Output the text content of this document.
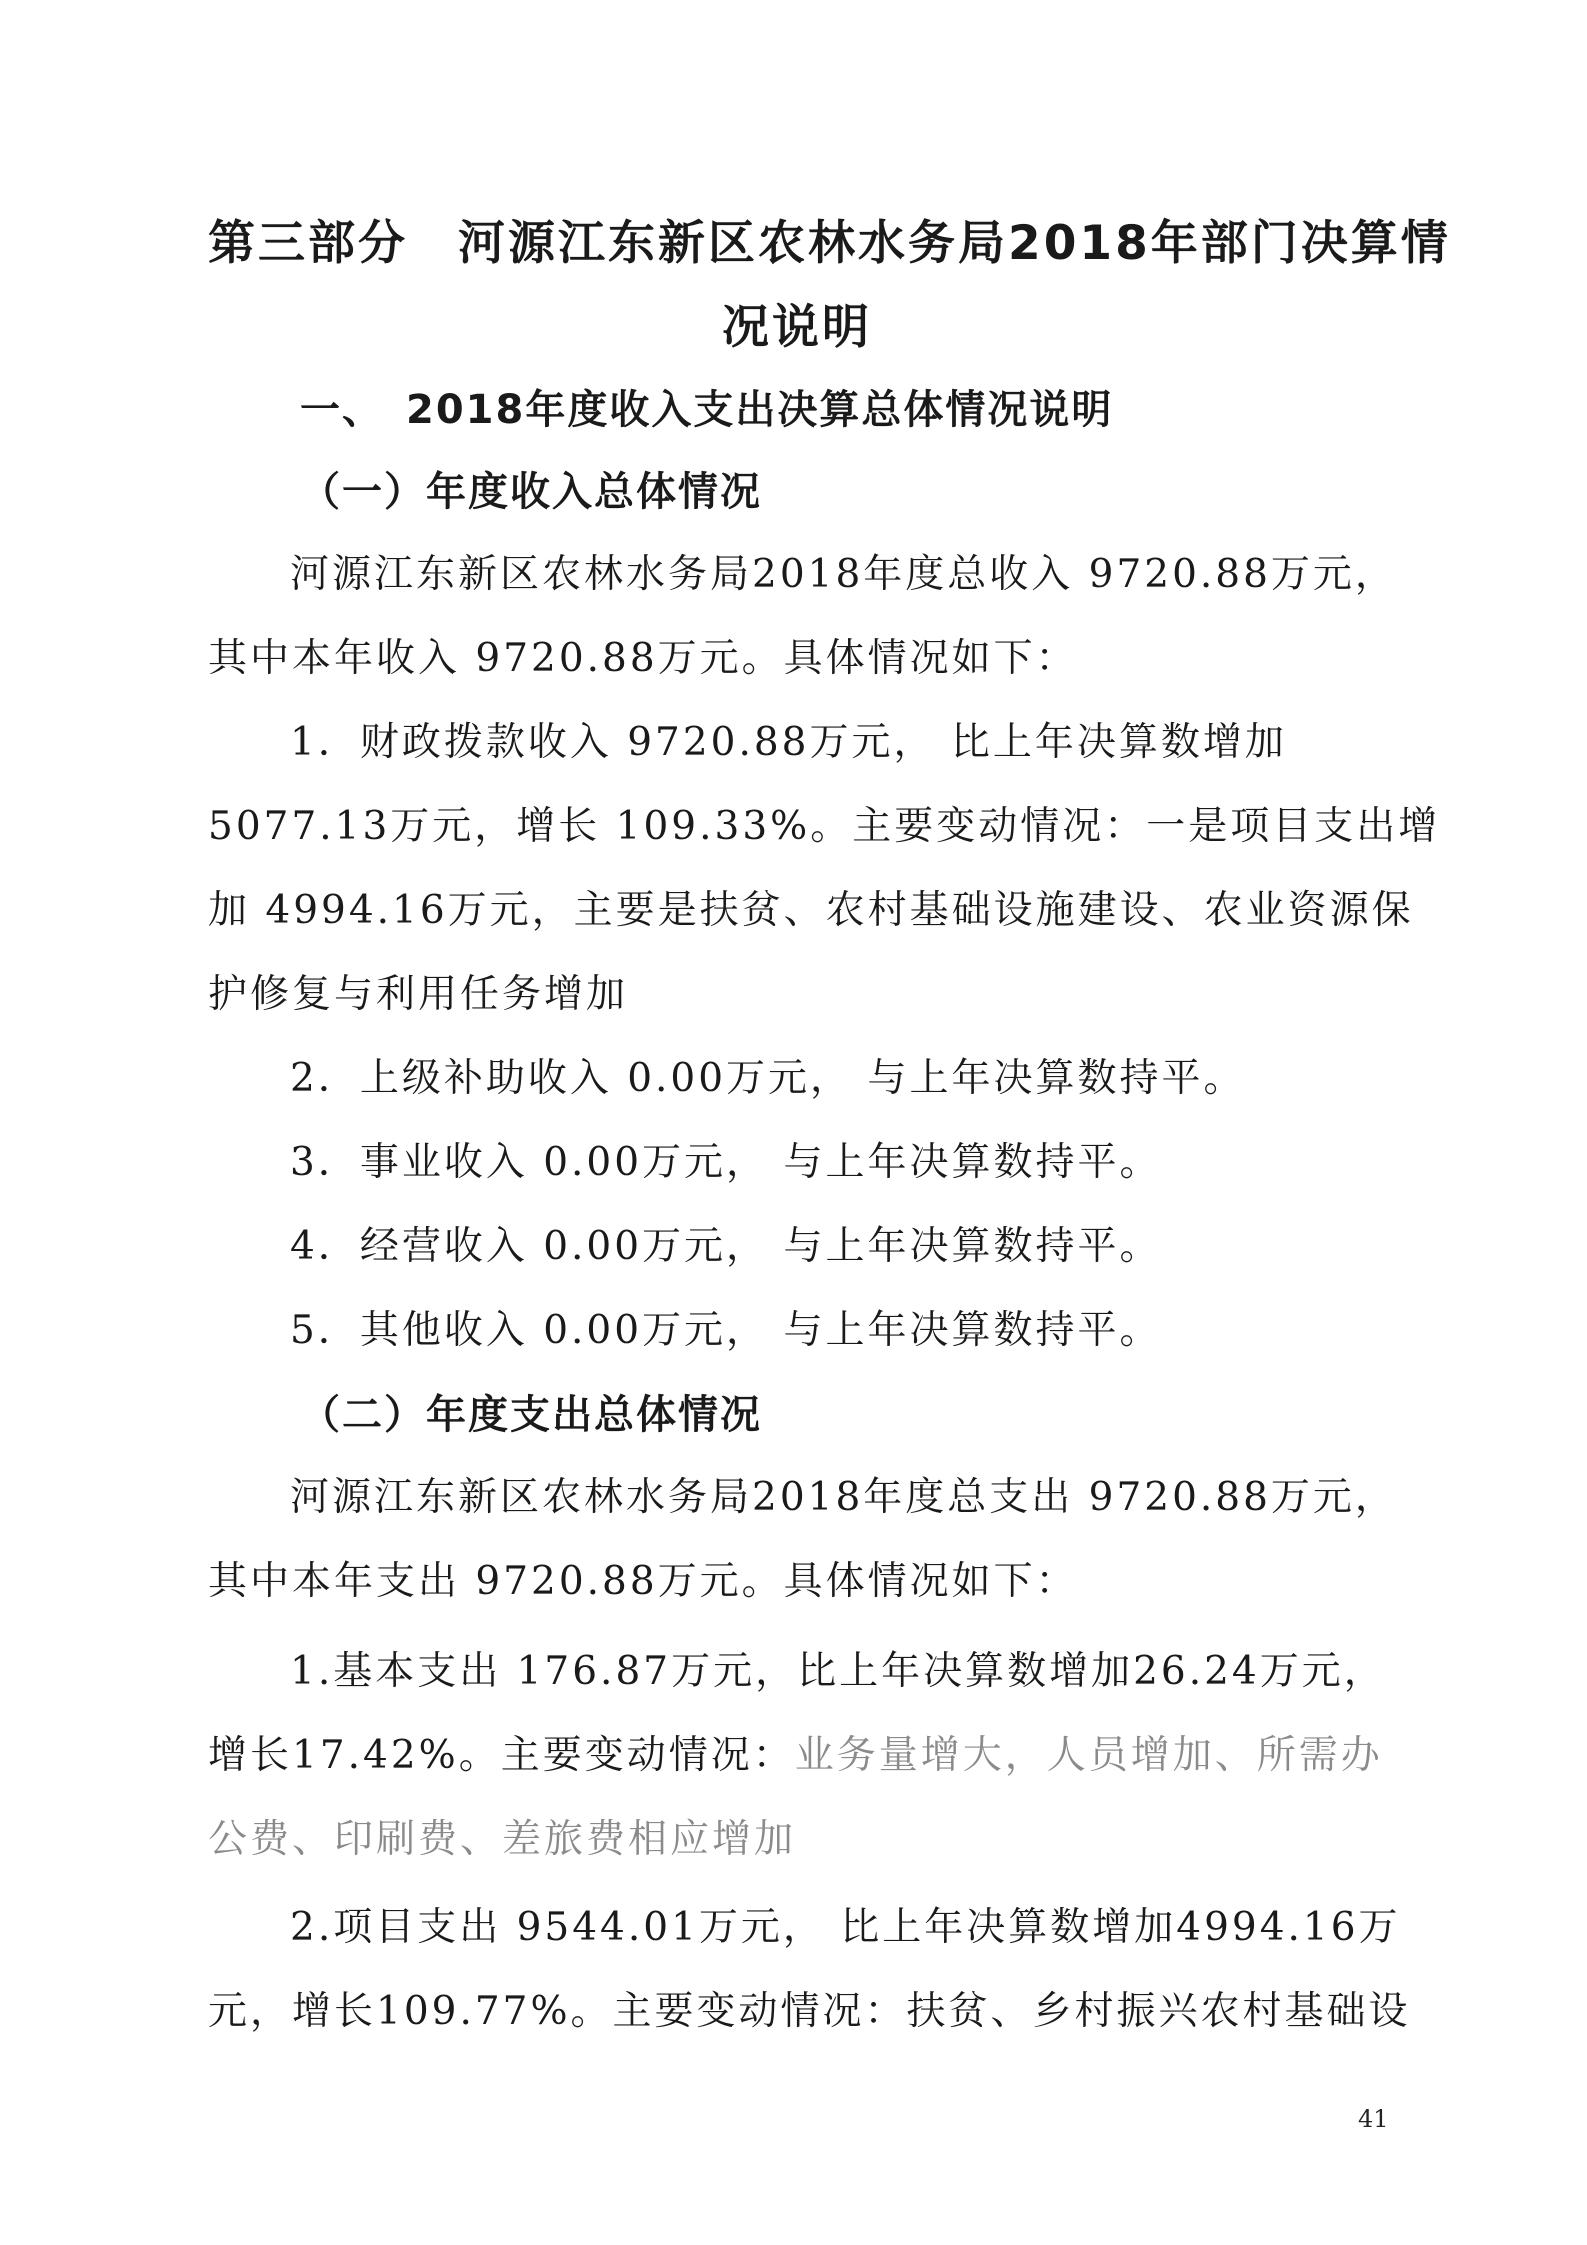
第三部分　河源江东新区农林水务局2018年部门决算情
况说明
一、　2018年度收入支出决算总体情况说明
（一）年度收入总体情况
河源江东新区农林水务局2018年度总收入 9720.88万元，
其中本年收入 9720.88万元。具体情况如下：
1．财政拨款收入 9720.88万元， 比上年决算数增加
5077.13万元，增长 109.33%。主要变动情况：一是项目支出增
加 4994.16万元，主要是扶贫、农村基础设施建设、农业资源保
护修复与利用任务增加
2．上级补助收入 0.00万元， 与上年决算数持平。
3．事业收入 0.00万元， 与上年决算数持平。
4．经营收入 0.00万元， 与上年决算数持平。
5．其他收入 0.00万元， 与上年决算数持平。
（二）年度支出总体情况
河源江东新区农林水务局2018年度总支出 9720.88万元，
其中本年支出 9720.88万元。具体情况如下：
1.基本支出 176.87万元，比上年决算数增加26.24万元，
增长17.42%。主要变动情况：业务量增大，人员增加、所需办
公费、印刷费、差旅费相应增加
2.项目支出 9544.01万元， 比上年决算数增加4994.16万
元，增长109.77%。主要变动情况：扶贫、乡村振兴农村基础设
41
